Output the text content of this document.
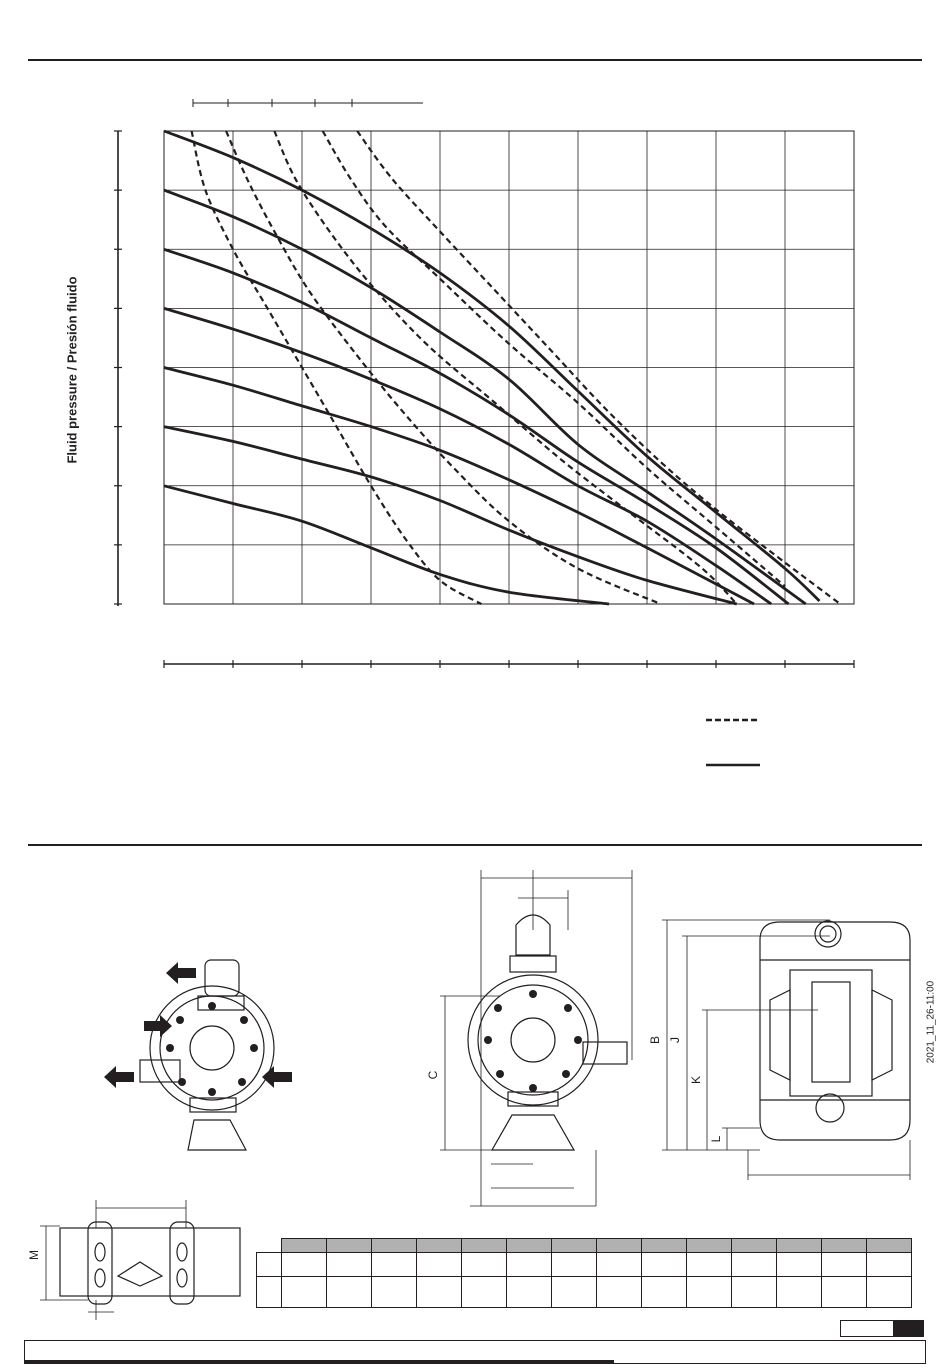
Fluid pressure / Presión fluido
C
B J
K
L
M
2021_11_26-11:00
